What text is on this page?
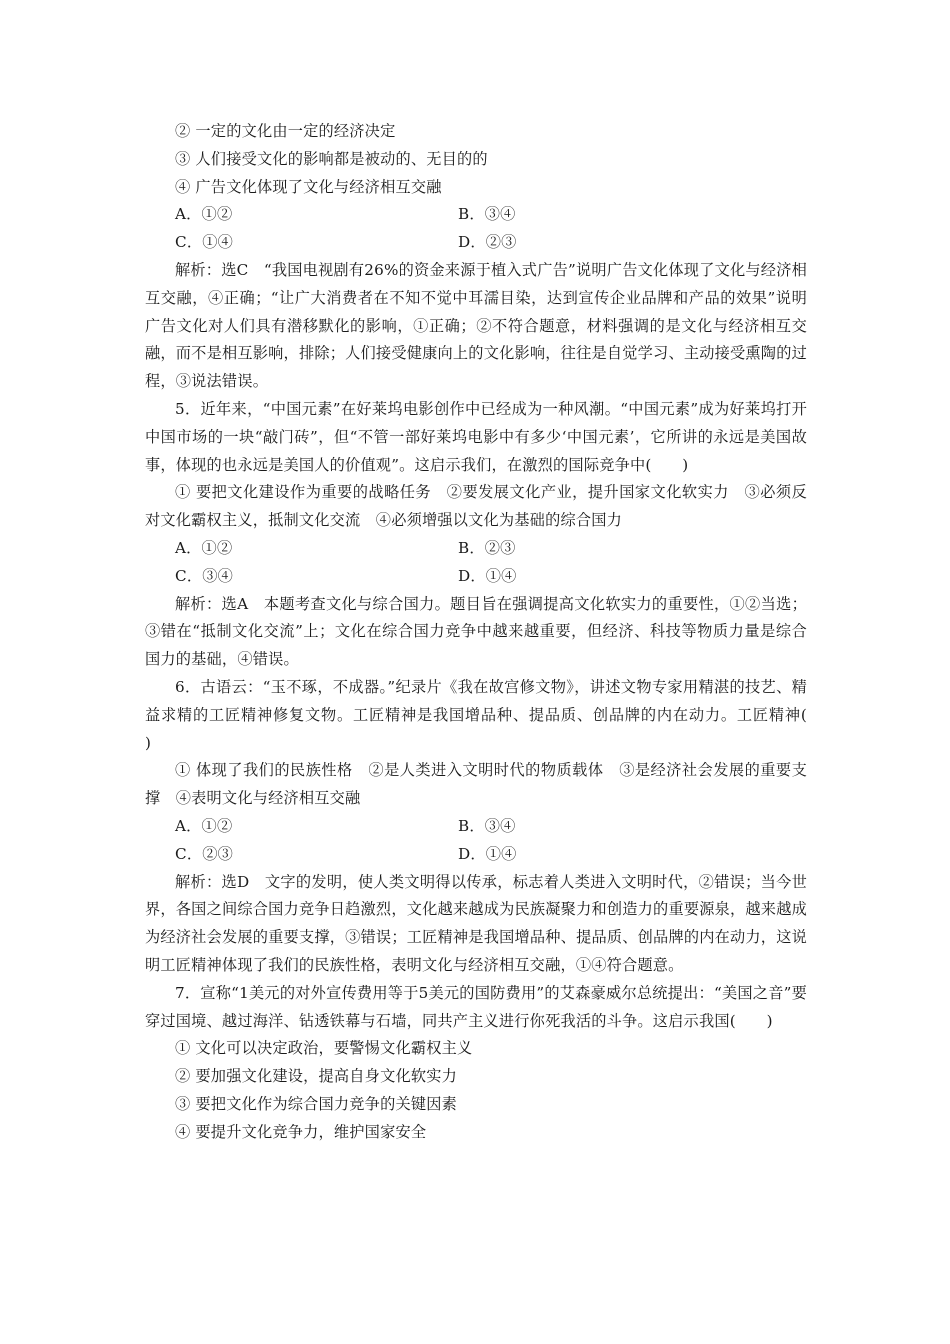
② 一定的文化由一定的经济决定
③ 人们接受文化的影响都是被动的、无目的的
④ 广告文化体现了文化与经济相互交融
A．①②	B．③④
C．①④	D．②③
解析：选C　“我国电视剧有26%的资金来源于植入式广告”说明广告文化体现了文化与经济相互交融，④正确；“让广大消费者在不知不觉中耳濡目染，达到宣传企业品牌和产品的效果”说明广告文化对人们具有潜移默化的影响，①正确；②不符合题意，材料强调的是文化与经济相互交融，而不是相互影响，排除；人们接受健康向上的文化影响，往往是自觉学习、主动接受熏陶的过程，③说法错误。
5．近年来，“中国元素”在好莱坞电影创作中已经成为一种风潮。“中国元素”成为好莱坞打开中国市场的一块“敲门砖”，但“不管一部好莱坞电影中有多少‘中国元素’，它所讲的永远是美国故事，体现的也永远是美国人的价值观”。这启示我们，在激烈的国际竞争中(　　)
① 要把文化建设作为重要的战略任务　②要发展文化产业，提升国家文化软实力　③必须反对文化霸权主义，抵制文化交流　④必须增强以文化为基础的综合国力
A．①②	B．②③
C．③④	D．①④
解析：选A　本题考查文化与综合国力。题目旨在强调提高文化软实力的重要性，①②当选；③错在“抵制文化交流”上；文化在综合国力竞争中越来越重要，但经济、科技等物质力量是综合国力的基础，④错误。
6．古语云：“玉不琢，不成器。”纪录片《我在故宫修文物》，讲述文物专家用精湛的技艺、精益求精的工匠精神修复文物。工匠精神是我国增品种、提品质、创品牌的内在动力。工匠精神(　　)
① 体现了我们的民族性格　②是人类进入文明时代的物质载体　③是经济社会发展的重要支撑　④表明文化与经济相互交融
A．①②	B．③④
C．②③	D．①④
解析：选D　文字的发明，使人类文明得以传承，标志着人类进入文明时代，②错误；当今世界，各国之间综合国力竞争日趋激烈，文化越来越成为民族凝聚力和创造力的重要源泉，越来越成为经济社会发展的重要支撑，③错误；工匠精神是我国增品种、提品质、创品牌的内在动力，这说明工匠精神体现了我们的民族性格，表明文化与经济相互交融，①④符合题意。
7．宣称“1美元的对外宣传费用等于5美元的国防费用”的艾森豪威尔总统提出：“美国之音”要穿过国境、越过海洋、钻透铁幕与石墙，同共产主义进行你死我活的斗争。这启示我国(　　)
① 文化可以决定政治，要警惕文化霸权主义
② 要加强文化建设，提高自身文化软实力
③ 要把文化作为综合国力竞争的关键因素
④ 要提升文化竞争力，维护国家安全
